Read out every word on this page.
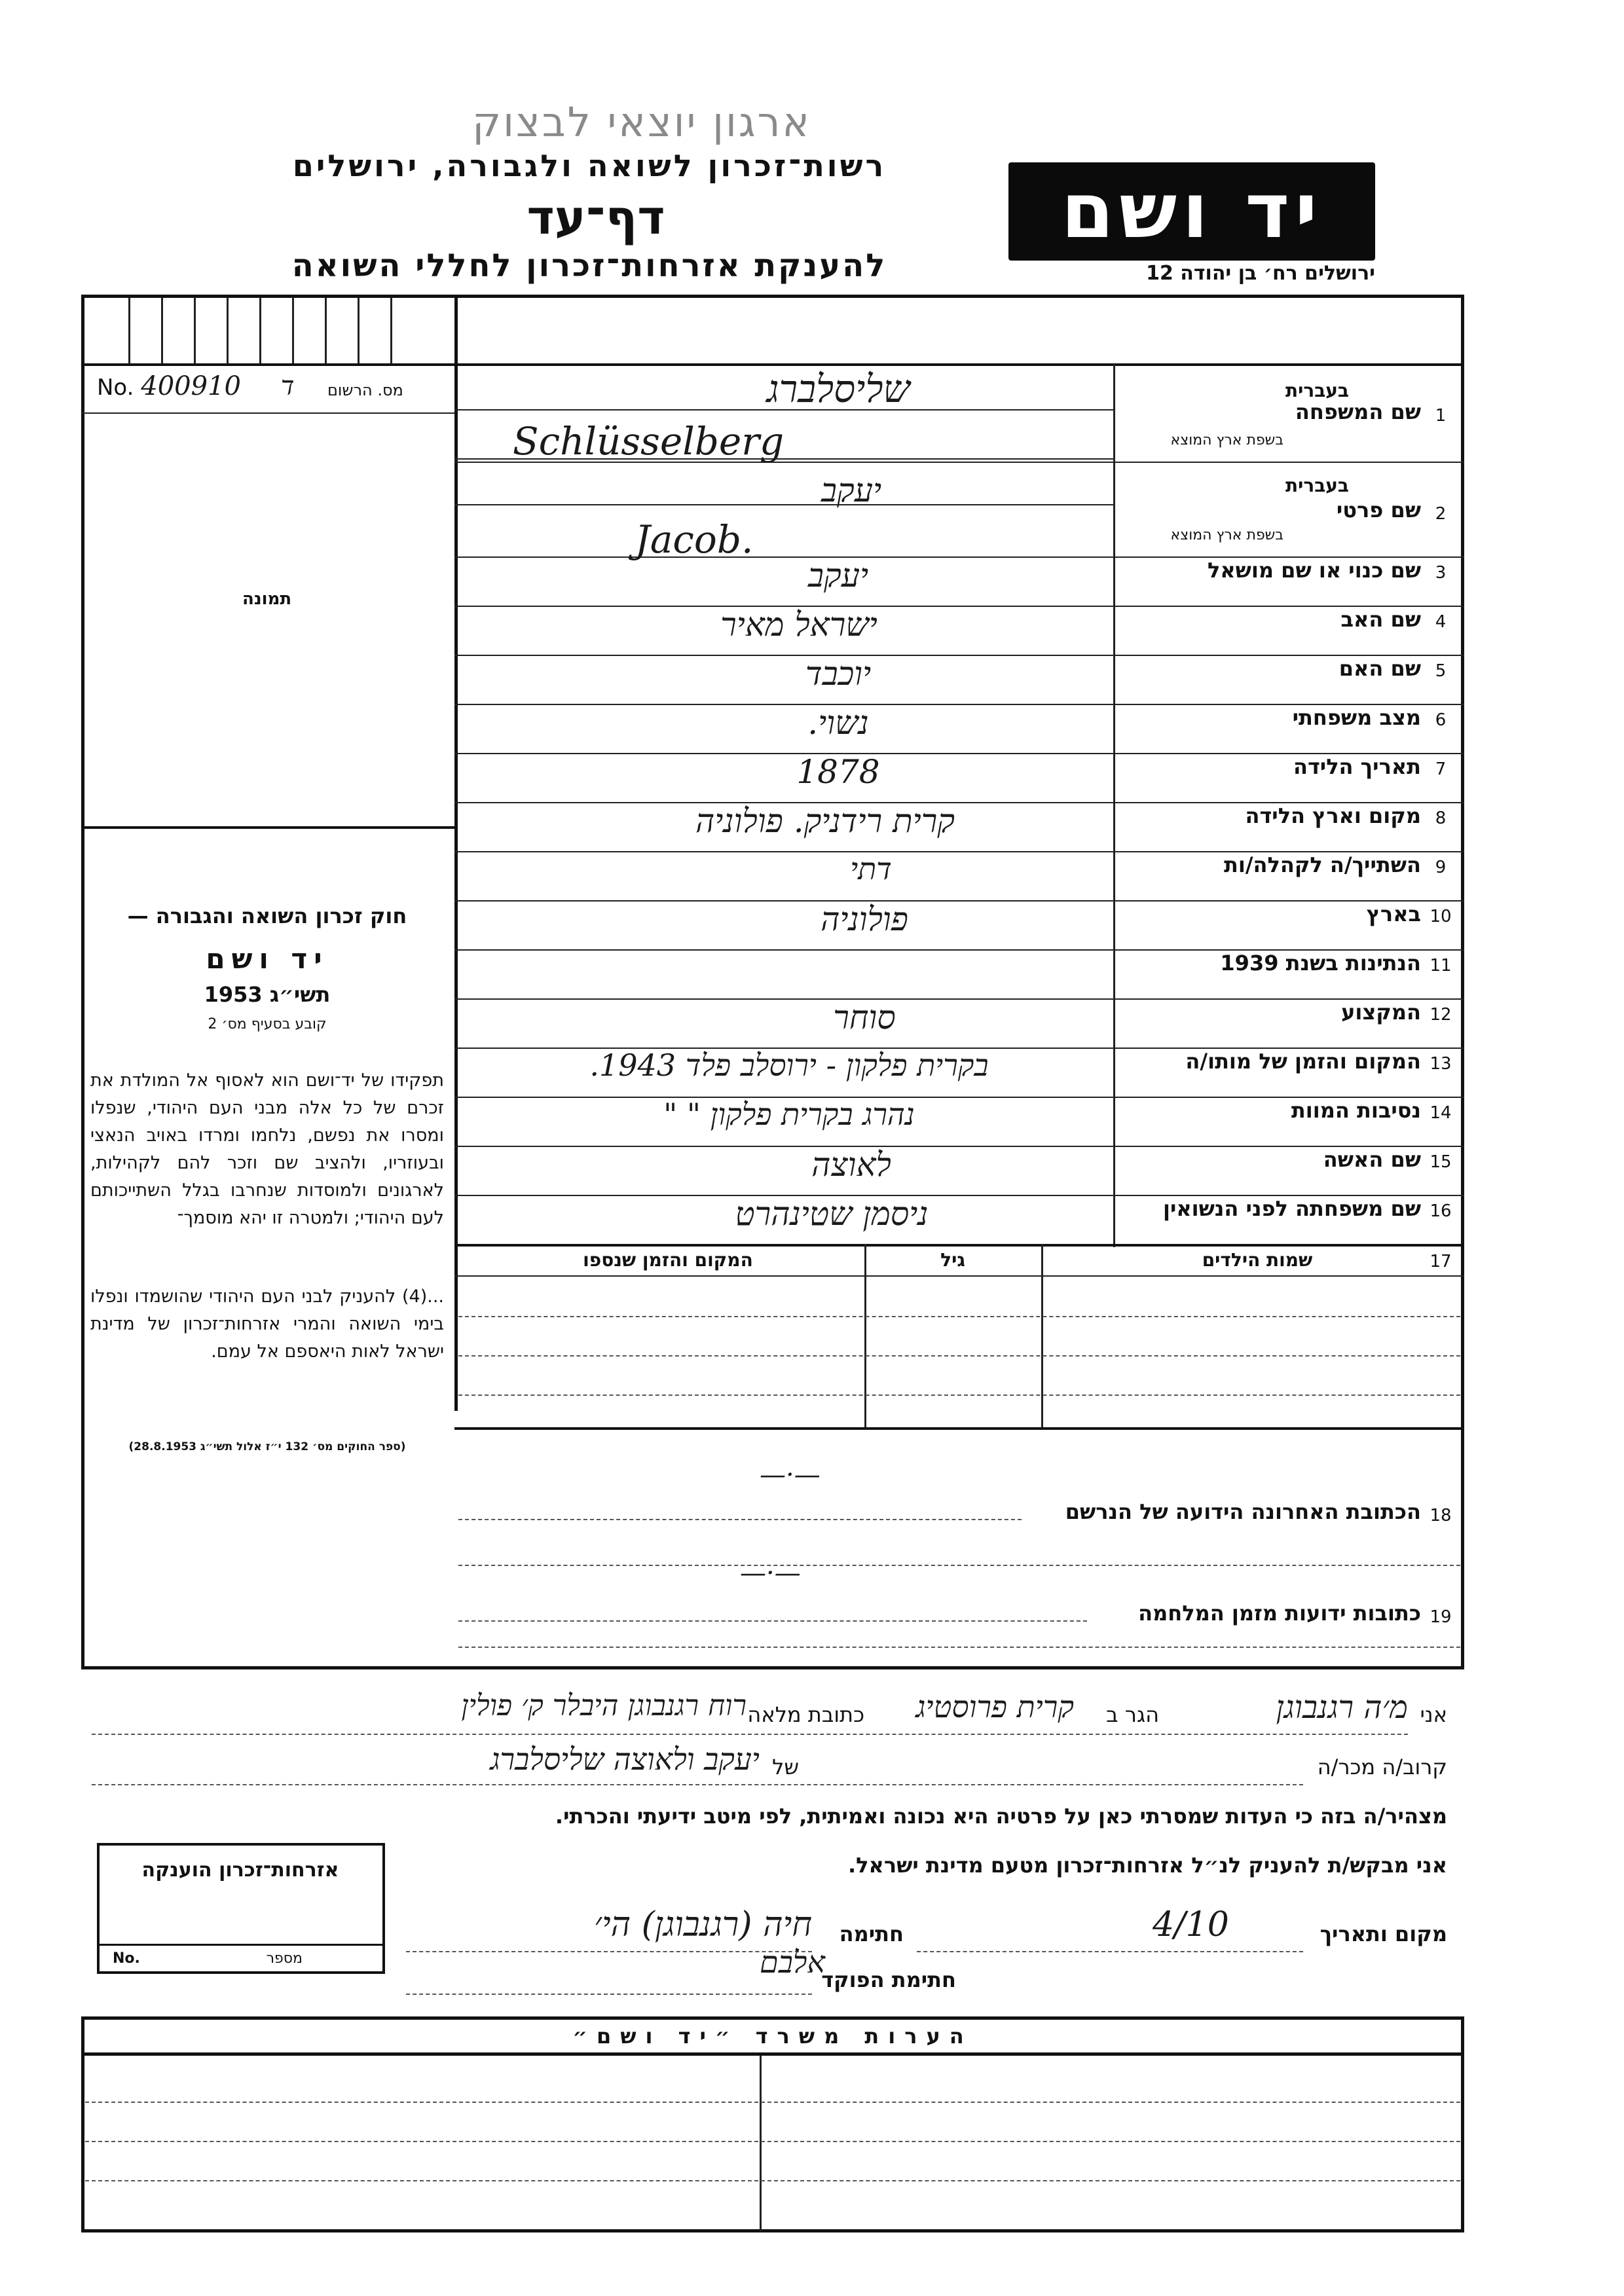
ארגון יוצאי לבצוק
רשות־זכרון לשואה ולגבורה, ירושלים
דף־עד
להענקת אזרחות־זכרון לחללי השואה
יד ושם
ירושלים רח׳ בן יהודה 12
No. 400910 ד מס. הרשום
תמונה
חוק זכרון השואה והגבורה —
יד ושם
תשי״ג 1953
קובע בסעיף מס׳ 2
תפקידו של יד־ושם הוא לאסוף אל המולדת את זכרם של כל אלה מבני העם היהודי, שנפלו ומסרו את נפשם, נלחמו ומרדו באויב הנאצי ובעוזריו, ולהציב שם וזכר להם לקהילות, לארגונים ולמוסדות שנחרבו בגלל השתייכותם לעם היהודי; ולמטרה זו יהא מוסמך־
...(4) להעניק לבני העם היהודי שהושמדו ונפלו בימי השואה והמרי אזרחות־זכרון של מדינת ישראל לאות היאספם אל עמם.
(ספר החוקים מס׳ 132 י״ז אלול תשי״ג 28.8.1953)
1
שם המשפחה
בעברית
בשפת ארץ המוצא
שליסלברג
Schlüsselberg
2
שם פרטי
בעברית
בשפת ארץ המוצא
יעקב
Jacob.
3
שם כנוי או שם מושאל
יעקב
4
שם האב
ישראל מאיר
5
שם האם
יוכבד
6
מצב משפחתי
נשוי.
7
תאריך הלידה
1878
8
מקום וארץ הלידה
קרית רידניק. פולוניה
9
השתייך/ה לקהלה/ות
דתי
10
בארץ
פולוניה
11
הנתינות בשנת 1939
12
המקצוע
סוחר
13
המקום והזמן של מותו/ה
בקרית פלקון - ירוסלב פלד 1943.
14
נסיבות המוות
נהרג בקרית פלקון " "
15
שם האשה
לאוצה
16
שם משפחתה לפני הנשואין
ניסמן שטינהרט
17
שמות הילדים
גיל
המקום והזמן שנספו
—·—
18
הכתובת האחרונה הידועה של הנרשם
—·—
19
כתובות ידועות מזמן המלחמה
אני
מ׳ה רגנבוגן
הגר ב
קרית פרוסטיג
כתובת מלאה
רוח רגנבוגן היבלר ק׳ פולין
קרוב/ה מכר/ה
של
יעקב ולאוצה שליסלברג
מצהיר/ה בזה כי העדות שמסרתי כאן על פרטיה היא נכונה ואמיתית, לפי מיטב ידיעתי והכרתי.
אני מבקש/ת להעניק לנ״ל אזרחות־זכרון מטעם מדינת ישראל.
מקום ותאריך
4/10
חתימה
חיה (רגנבוגן) הי׳
חתימת הפוקד
אלבם
אזרחות־זכרון הוענקה
No.	מספר
הערות משרד ״יד ושם״
